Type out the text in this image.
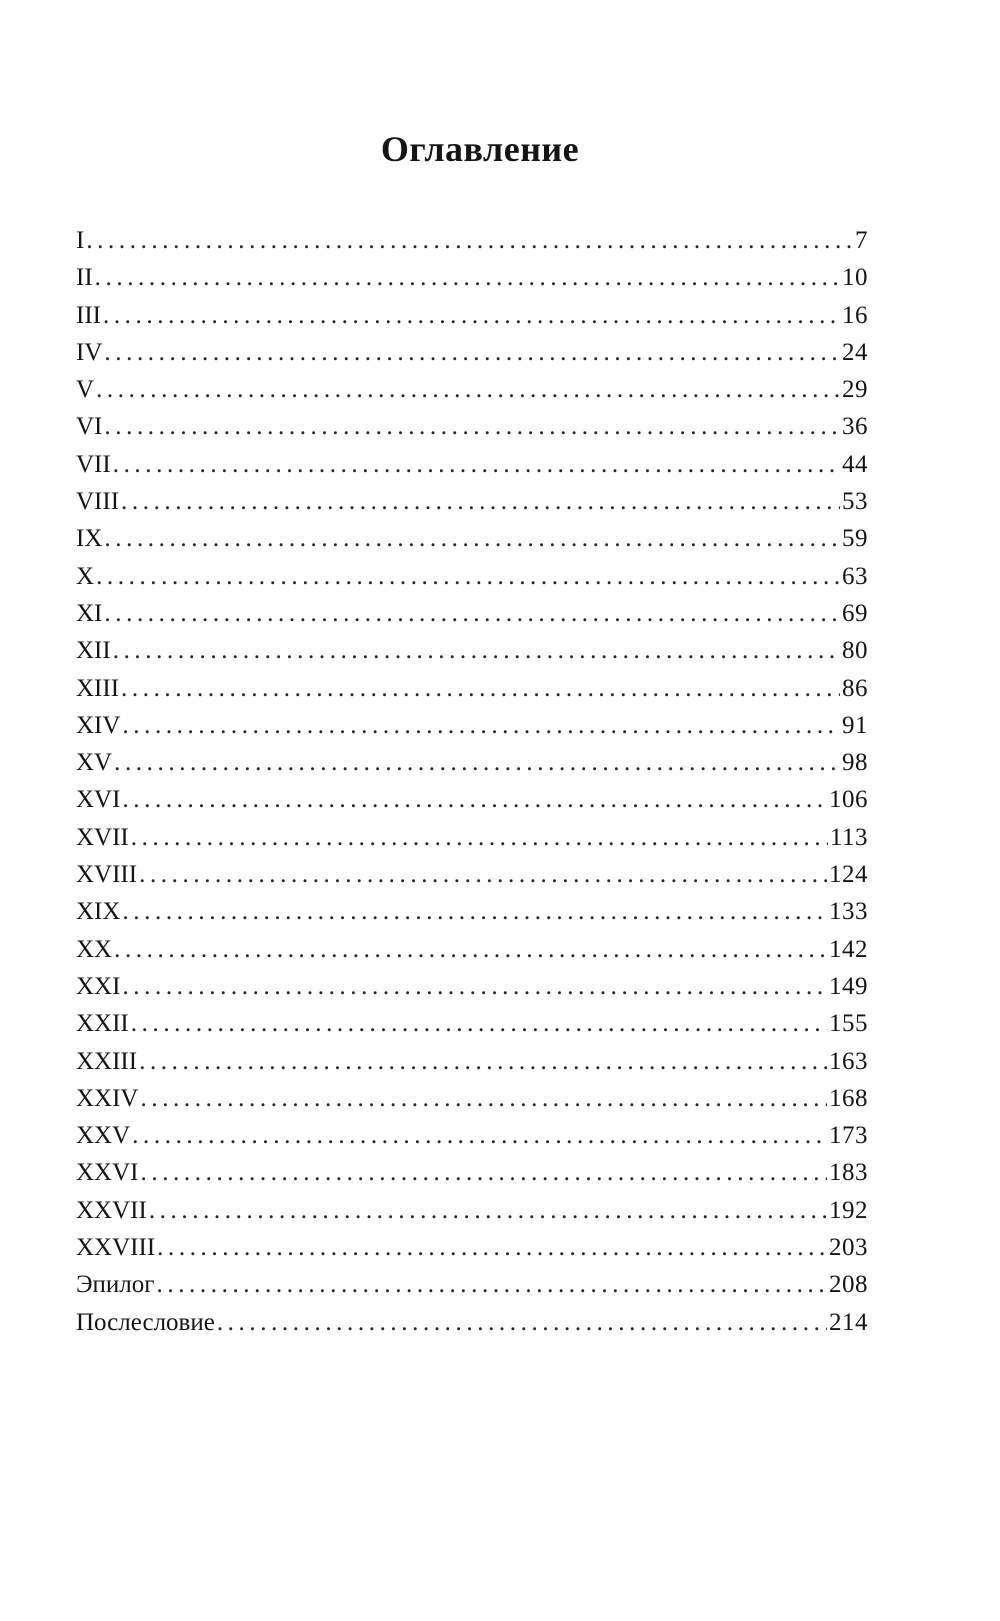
Оглавление
I .....	7
II .....	10
III .....	16
IV .....	24
V .....	29
VI .....	36
VII .....	44
VIII .....	53
IX .....	59
X .....	63
XI .....	69
XII .....	80
XIII .....	86
XIV .....	91
XV .....	98
XVI .....	106
XVII .....	113
XVIII .....	124
XIX .....	133
XX .....	142
XXI .....	149
XXII .....	155
XXIII .....	163
XXIV .....	168
XXV .....	173
XXVI .....	183
XXVII .....	192
XXVIII .....	203
Эпилог .....	208
Послесловие .....	214
